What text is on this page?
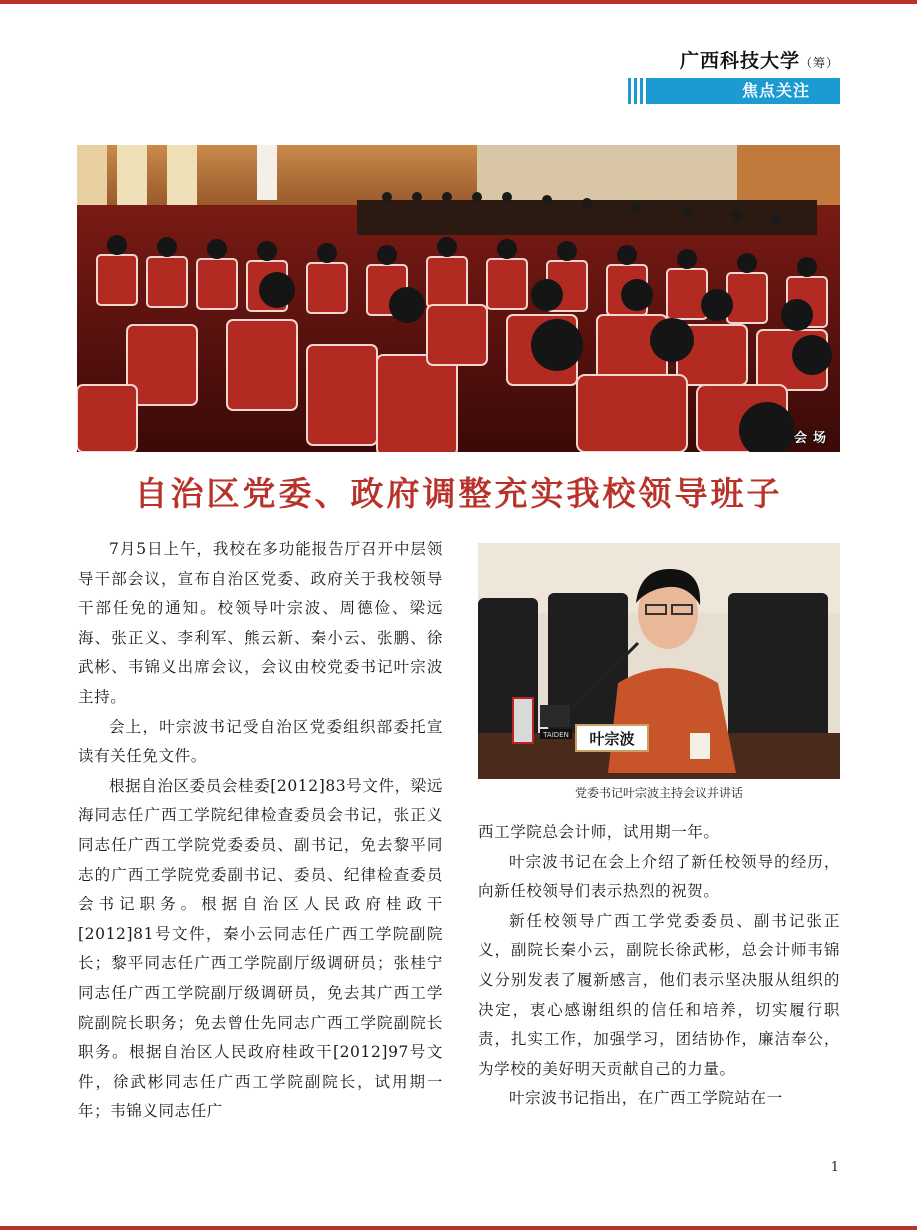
广西科技大学（筹）
焦点关注
会场
自治区党委、政府调整充实我校领导班子

7月5日上午，我校在多功能报告厅召开中层领导干部会议，宣布自治区党委、政府关于我校领导干部任免的通知。校领导叶宗波、周德俭、梁远海、张正义、李利军、熊云新、秦小云、张鹏、徐武彬、韦锦义出席会议，会议由校党委书记叶宗波主持。

会上，叶宗波书记受自治区党委组织部委托宣读有关任免文件。

根据自治区委员会桂委[2012]83号文件，梁远海同志任广西工学院纪律检查委员会书记，张正义同志任广西工学院党委委员、副书记，免去黎平同志的广西工学院党委副书记、委员、纪律检查委员会书记职务。根据自治区人民政府桂政干[2012]81号文件，秦小云同志任广西工学院副院长；黎平同志任广西工学院副厅级调研员；张桂宁同志任广西工学院副厅级调研员，免去其广西工学院副院长职务；免去曾仕先同志广西工学院副院长职务。根据自治区人民政府桂政干[2012]97号文件，徐武彬同志任广西工学院副院长，试用期一年；韦锦义同志任广

叶宗波
TAIDEN
党委书记叶宗波主持会议并讲话

西工学院总会计师，试用期一年。

叶宗波书记在会上介绍了新任校领导的经历，向新任校领导们表示热烈的祝贺。

新任校领导广西工学党委委员、副书记张正义，副院长秦小云，副院长徐武彬，总会计师韦锦义分别发表了履新感言，他们表示坚决服从组织的决定，衷心感谢组织的信任和培养，切实履行职责，扎实工作，加强学习，团结协作，廉洁奉公，为学校的美好明天贡献自己的力量。

叶宗波书记指出，在广西工学院站在一

1
